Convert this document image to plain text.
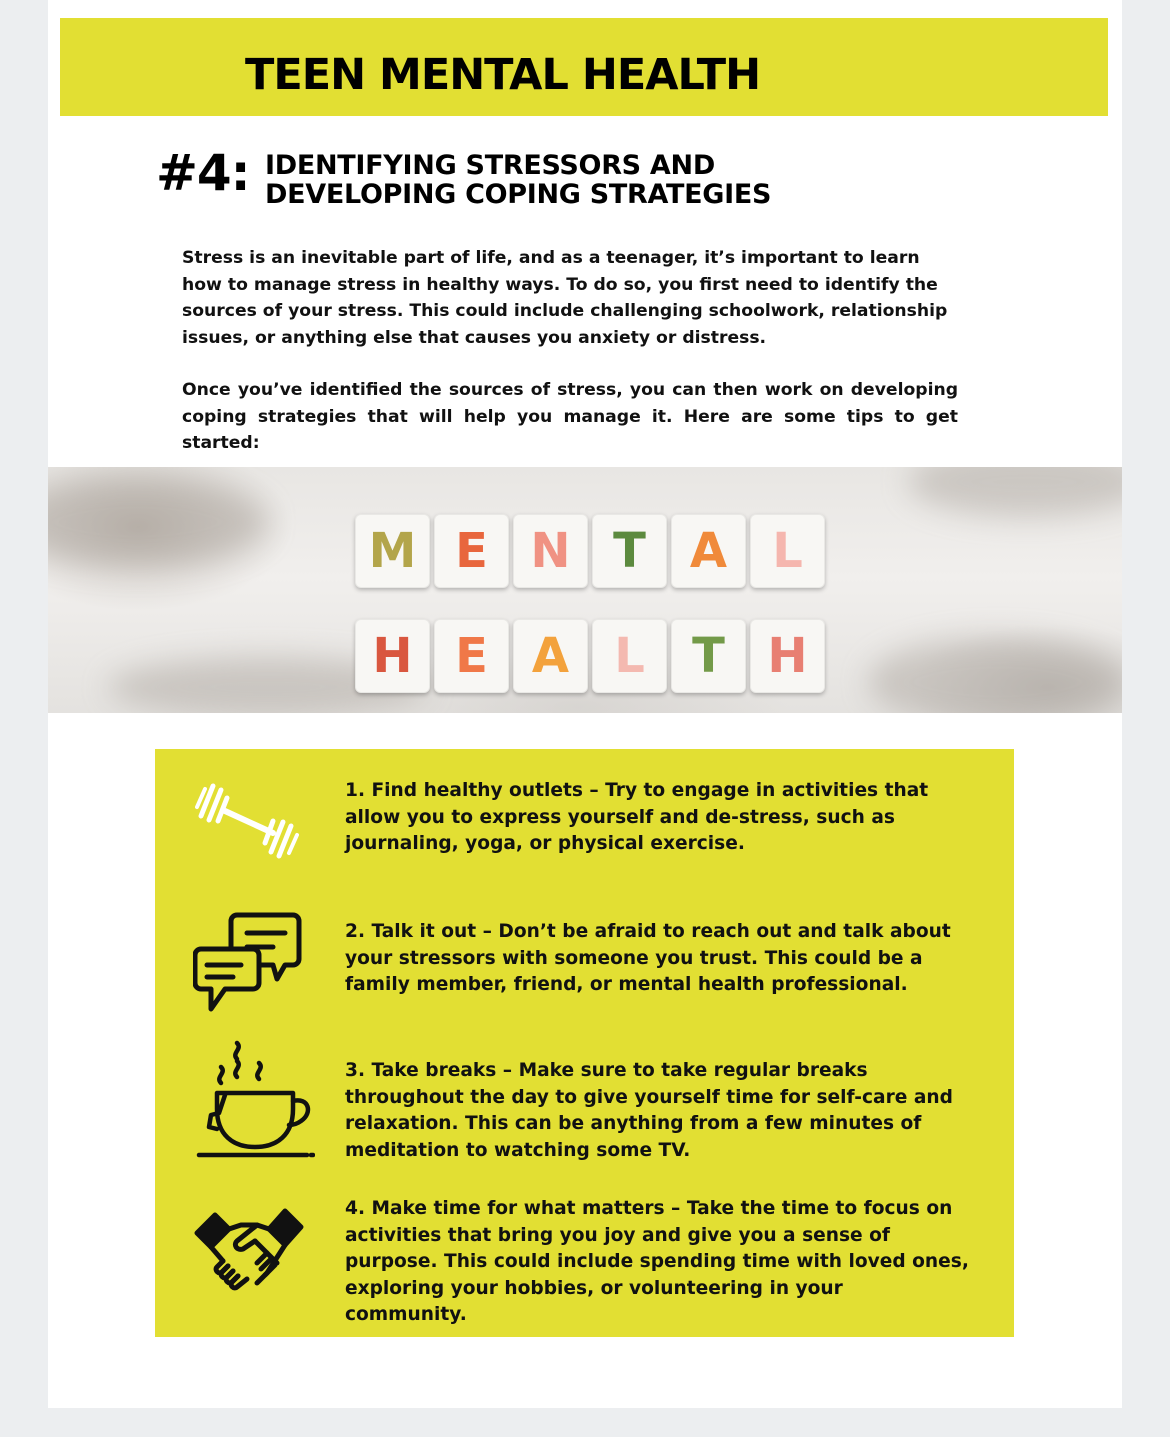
TEEN MENTAL HEALTH
#4: IDENTIFYING STRESSORS AND
DEVELOPING COPING STRATEGIES

Stress is an inevitable part of life, and as a teenager, it’s important to learn how to manage stress in healthy ways. To do so, you first need to identify the sources of your stress. This could include challenging schoolwork, relationship issues, or anything else that causes you anxiety or distress.

Once you’ve identified the sources of stress, you can then work on developing coping strategies that will help you manage it. Here are some tips to get started:

M E N T A L
H E A L T H
1. Find healthy outlets – Try to engage in activities that allow you to express yourself and de-stress, such as journaling, yoga, or physical exercise.
2. Talk it out – Don’t be afraid to reach out and talk about your stressors with someone you trust. This could be a family member, friend, or mental health professional.
3. Take breaks – Make sure to take regular breaks throughout the day to give yourself time for self-care and relaxation. This can be anything from a few minutes of meditation to watching some TV.
4. Make time for what matters – Take the time to focus on activities that bring you joy and give you a sense of purpose. This could include spending time with loved ones, exploring your hobbies, or volunteering in your community.
